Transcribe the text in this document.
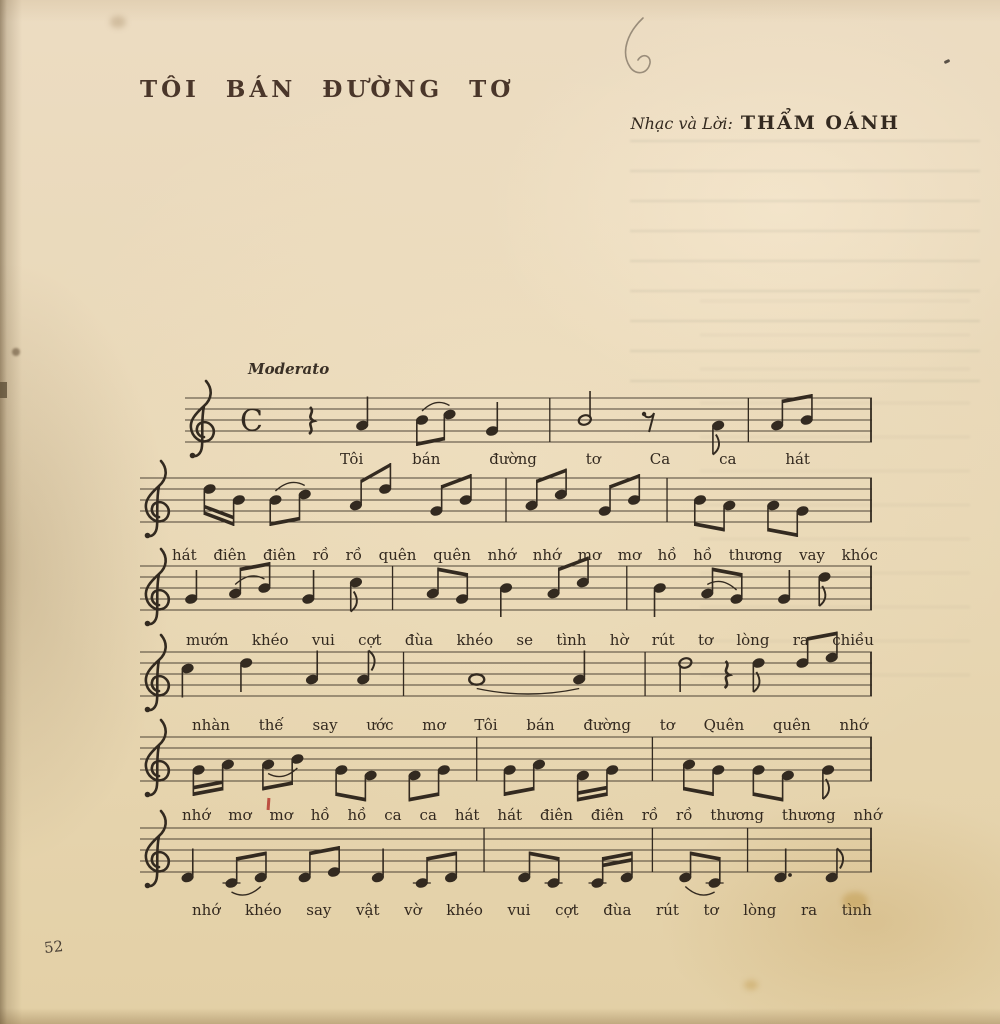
TÔI BÁN ĐƯỜNG TƠ
Nhạc và Lời: THẨM OÁNH
Moderato
C
Tôi	bán	đường	tơ	Ca	ca	hát
hát điên điên rồ rồ quên quên nhớ nhớ mơ mơ hồ hồ thương vay khóc
mướn khéo vui cợt đùa khéo se tình hờ rút tơ lòng ra chiều
nhàn thế say ước mơ Tôi bán đường tơ Quên quên nhớ
nhớ mơ mơ hồ hồ ca ca hát hát điên điên rồ rồ thương thương nhớ
nhớ khéo say vật vờ khéo vui cợt đùa rút tơ lòng ra tình
52
